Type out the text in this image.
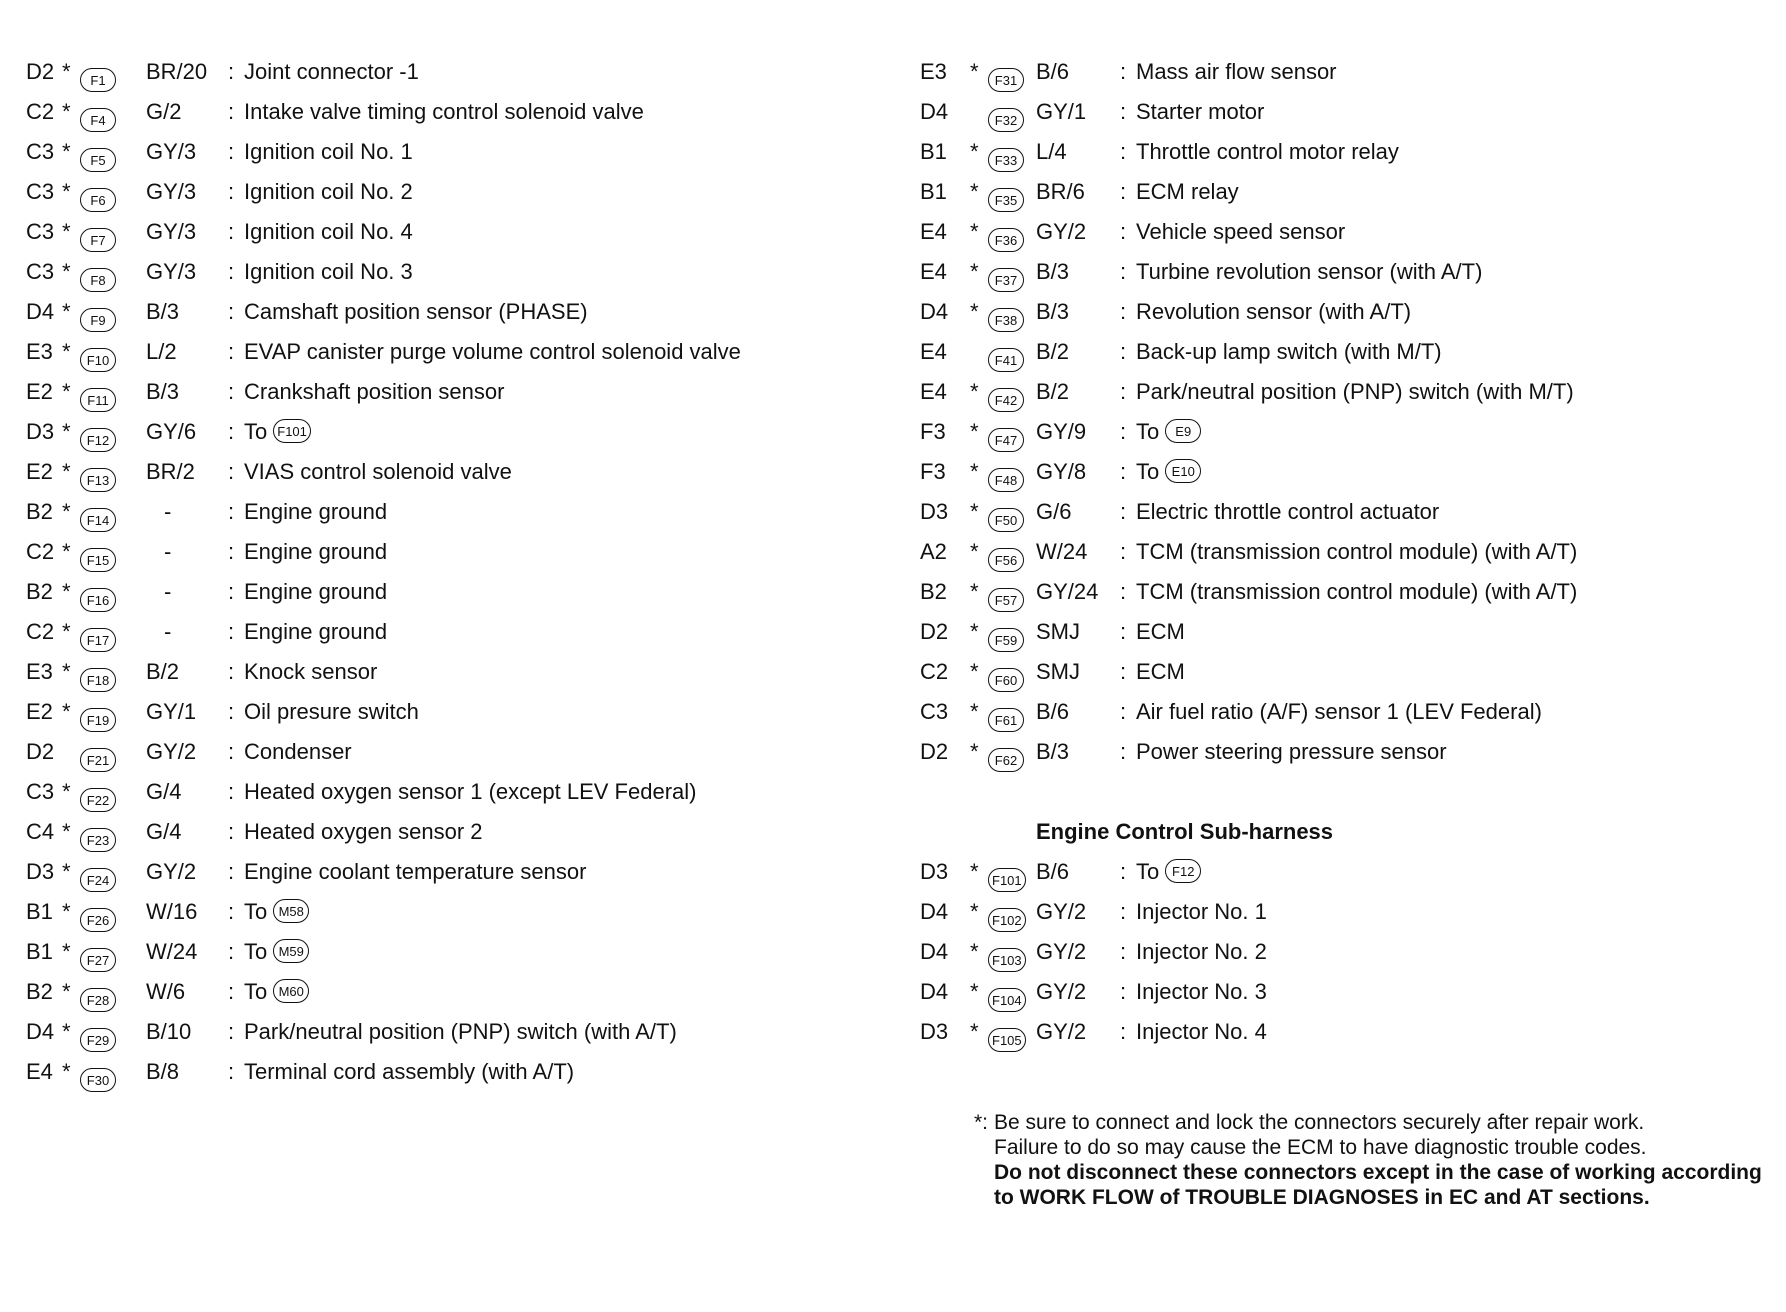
D2 *	F1	BR/20 : Joint connector -1
C2 *	F4	G/2 : Intake valve timing control solenoid valve
C3 *	F5	GY/3 : Ignition coil No. 1
C3 *	F6	GY/3 : Ignition coil No. 2
C3 *	F7	GY/3 : Ignition coil No. 4
C3 *	F8	GY/3 : Ignition coil No. 3
D4 *	F9	B/3 : Camshaft position sensor (PHASE)
E3 *	F10	L/2 : EVAP canister purge volume control solenoid valve
E2 *	F11	B/3 : Crankshaft position sensor
D3 *	F12	GY/6 : To F101
E2 *	F13	BR/2 : VIAS control solenoid valve
B2 *	F14	-	: Engine ground
C2 *	F15	-	: Engine ground
B2 *	F16	-	: Engine ground
C2 *	F17	-	: Engine ground
E3 *	F18	B/2 : Knock sensor
E2 *	F19	GY/1 : Oil presure switch
D2	F21	GY/2 : Condenser
C3 *	F22	G/4 : Heated oxygen sensor 1 (except LEV Federal)
C4 *	F23	G/4 : Heated oxygen sensor 2
D3 *	F24	GY/2 : Engine coolant temperature sensor
B1 *	F26	W/16 : To M58
B1 *	F27	W/24 : To M59
B2 *	F28	W/6 : To M60
D4 *	F29	B/10 : Park/neutral position (PNP) switch (with A/T)
E4 *	F30	B/8 : Terminal cord assembly (with A/T)
E3 *	F31 B/6 : Mass air flow sensor
D4	F32 GY/1 : Starter motor
B1 *	F33 L/4 : Throttle control motor relay
B1 *	F35 BR/6 : ECM relay
E4 *	F36 GY/2 : Vehicle speed sensor
E4 *	F37 B/3 : Turbine revolution sensor (with A/T)
D4 *	F38 B/3 : Revolution sensor (with A/T)
E4	F41 B/2 : Back-up lamp switch (with M/T)
E4 *	F42 B/2 : Park/neutral position (PNP) switch (with M/T)
F3 *	F47 GY/9 : To E9
F3 *	F48 GY/8 : To E10
D3 *	F50 G/6 : Electric throttle control actuator
A2 *	F56 W/24 : TCM (transmission control module) (with A/T)
B2 *	F57 GY/24 : TCM (transmission control module) (with A/T)
D2 *	F59 SMJ : ECM
C2 *	F60 SMJ : ECM
C3 *	F61 B/6 : Air fuel ratio (A/F) sensor 1 (LEV Federal)
D2 *	F62 B/3 : Power steering pressure sensor
Engine Control Sub-harness
D3 *	F101 B/6 : To F12
D4 *	F102 GY/2 : Injector No. 1
D4 *	F103 GY/2 : Injector No. 2
D4 *	F104 GY/2 : Injector No. 3
D3 *	F105 GY/2 : Injector No. 4
*: Be sure to connect and lock the connectors securely after repair work.
Failure to do so may cause the ECM to have diagnostic trouble codes.
Do not disconnect these connectors except in the case of working according to WORK FLOW of TROUBLE DIAGNOSES in EC and AT sections.
